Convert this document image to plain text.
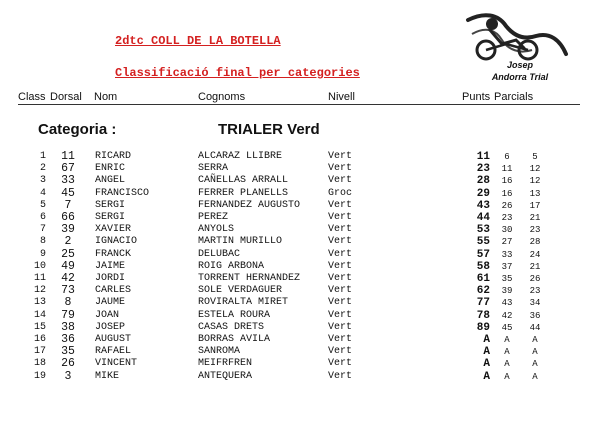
2dtc COLL DE LA BOTELLA
Classificació final per categories
Josep
Andorra Trial
Class Dorsal Nom	Cognoms	Nivell	Punts Parcials
Categoria :	TRIALER Verd
1	11	RICARD	ALCARAZ LLIBRE	Vert	11	6	5
2	67	ENRIC	SERRA	Vert	23	11	12
3	33	ANGEL	CAÑELLAS ARRALL	Vert	28	16	12
4	45	FRANCISCO	FERRER PLANELLS	Groc	29	16	13
5	7	SERGI	FERNANDEZ AUGUSTO	Vert	43	26	17
6	66	SERGI	PEREZ	Vert	44	23	21
7	39	XAVIER	ANYOLS	Vert	53	30	23
8	2	IGNACIO	MARTIN MURILLO	Vert	55	27	28
9	25	FRANCK	DELUBAC	Vert	57	33	24
10	49	JAIME	ROIG ARBONA	Vert	58	37	21
11	42	JORDI	TORRENT HERNANDEZ	Vert	61	35	26
12	73	CARLES	SOLE VERDAGUER	Vert	62	39	23
13	8	JAUME	ROVIRALTA MIRET	Vert	77	43	34
14	79	JOAN	ESTELA ROURA	Vert	78	42	36
15	38	JOSEP	CASAS DRETS	Vert	89	45	44
16	36	AUGUST	BORRAS AVILA	Vert	A	A	A
17	35	RAFAEL	SANROMA	Vert	A	A	A
18	26	VINCENT	MEIFRFREN	Vert	A	A	A
19	3	MIKE	ANTEQUERA	Vert	A	A	A
